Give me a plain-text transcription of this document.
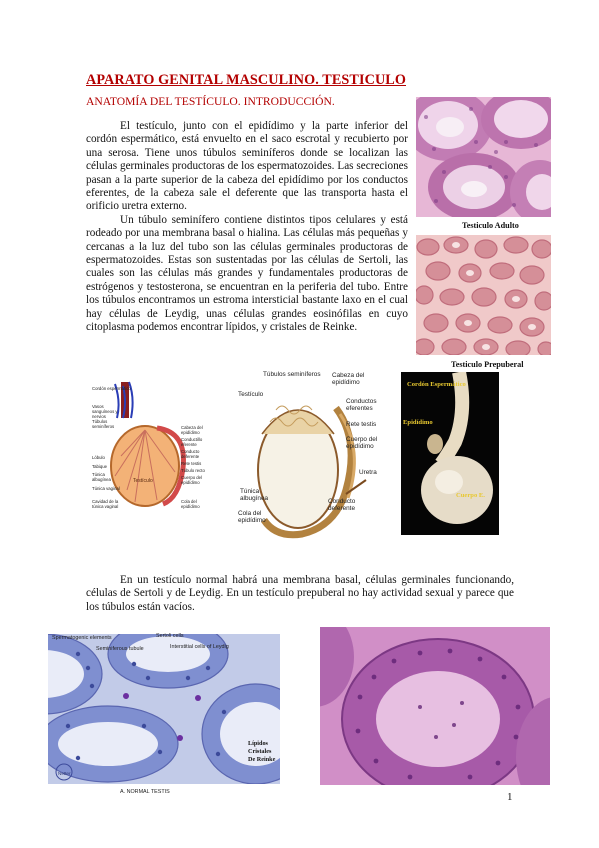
APARATO GENITAL MASCULINO. TESTICULO
ANATOMÍA DEL TESTÍCULO. INTRODUCCIÓN.

El testículo, junto con el epidídimo y la parte inferior del cordón espermático, está envuelto en el saco escrotal y recubierto por una serosa. Tiene unos túbulos seminíferos donde se localizan las células germinales productoras de los espermatozoides. Las secreciones pasan a la parte superior de la cabeza del epidídimo por los conductos eferentes, de la cabeza sale el deferente que las transporta hasta el orificio uretra externo.

Un túbulo seminífero contiene distintos tipos celulares y está rodeado por una membrana basal o hialina. Las células más pequeñas y cercanas a la luz del tubo son las células germinales productoras de espermatozoides. Estas son sustentadas por las células de Sertoli, las cuales son las células más grandes y fundamentales productoras de estrógenos y testosterona, se encuentran en la periferia del tubo. Entre los túbulos encontramos un estroma intersticial bastante laxo en el cual hay células de Leydig, unas células grandes eosinófilas en cuyo citoplasma podemos encontrar lípidos, y cristales de Reinke.

Testiculo Adulto
Testiculo Prepuberal
Testículo
Cordón espermático
Vasos sanguíneos y nervios
Túbulos seminíferos
Lóbulo
Tabique
Túnica albugínea
Túnica vaginal
Cavidad de la túnica vaginal
Cabeza del epidídimo
Conductillo eferente
Conducto deferente
Rete testis
Túbulo recto
Cuerpo del epidídimo
Cola del epidídimo
Túbulos seminíferos
Testículo
Cabeza del epidídimo
Conductos eferentes
Rete testis
Cuerpo del epidídimo
Uretra
Túnica albugínea	Conducto deferente
Cola del epidídimo
Cordón Espermático
Epidídimo
Cuerpo E.

En un testículo normal habrá una membrana basal, células germinales funcionando, células de Sertoli y de Leydig. En un testículo prepuberal no hay actividad sexual y parece que los túbulos están vacíos.

Spermatogenic elements
Seminiferous tubule
Sertoli cells
Interstitial cells of Leydig
Lípidos
Cristales
De Reinke
Netter
A. NORMAL TESTIS	1
